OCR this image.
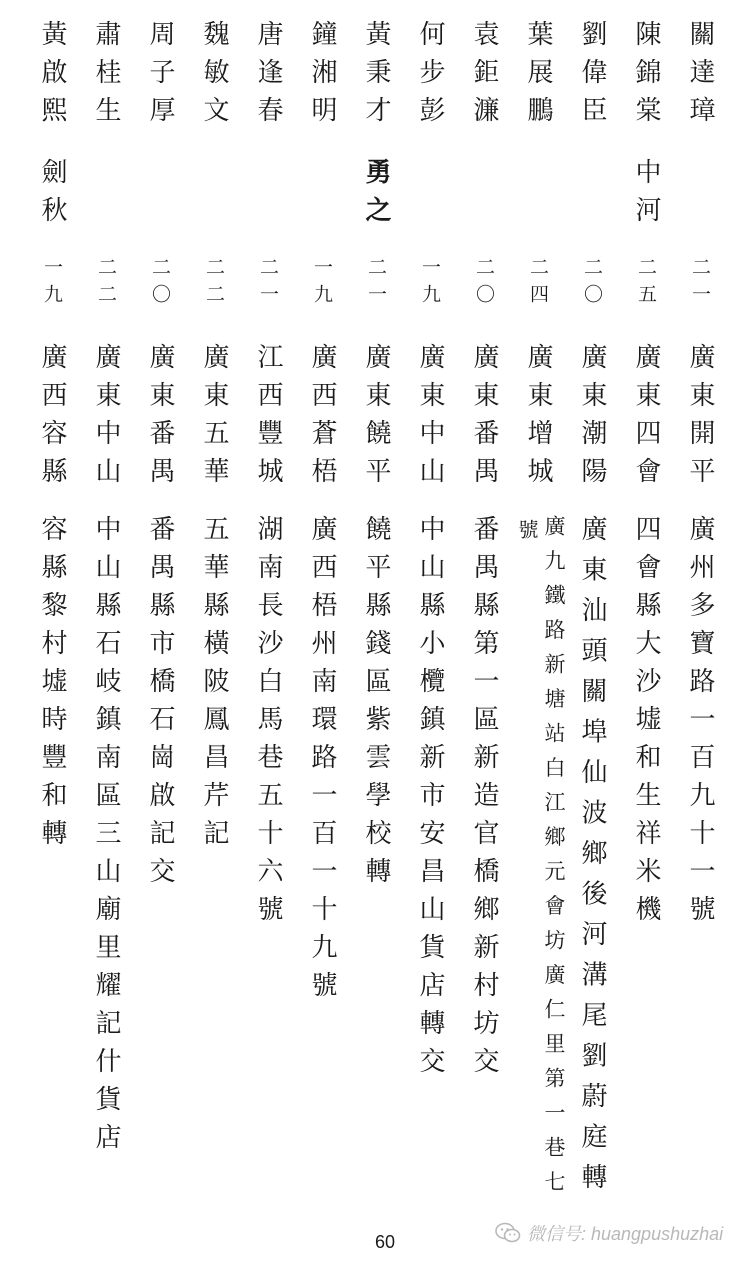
關達璋
二一
廣東開平
廣州多寶路一百九十一號
陳錦棠
中河
二五
廣東四會
四會縣大沙墟和生祥米機
劉偉臣
二〇
廣東潮陽
廣東汕頭關埠仙波鄉後河溝尾劉蔚庭轉
葉展鵬
二四
廣東增城
號 廣九鐵路新塘站白江鄉元會坊廣仁里第一巷七
袁鉅濂
二〇
廣東番禺
番禺縣第一區新造官橋鄉新村坊交
何步彭
一九
廣東中山
中山縣小欖鎮新市安昌山貨店轉交
黃秉才
勇之
二一
廣東饒平
饒平縣錢區紫雲學校轉
鐘湘明
一九
廣西蒼梧
廣西梧州南環路一百一十九號
唐逢春
二一
江西豐城
湖南長沙白馬巷五十六號
魏敏文
二二
廣東五華
五華縣橫陂鳳昌芹記
周子厚
二〇
廣東番禺
番禺縣市橋石崗啟記交
肅桂生
二二
廣東中山
中山縣石岐鎮南區三山廟里耀記什貨店
黃啟熙
劍秋
一九
廣西容縣
容縣黎村墟時豐和轉
60	微信号: huangpushuzhai
